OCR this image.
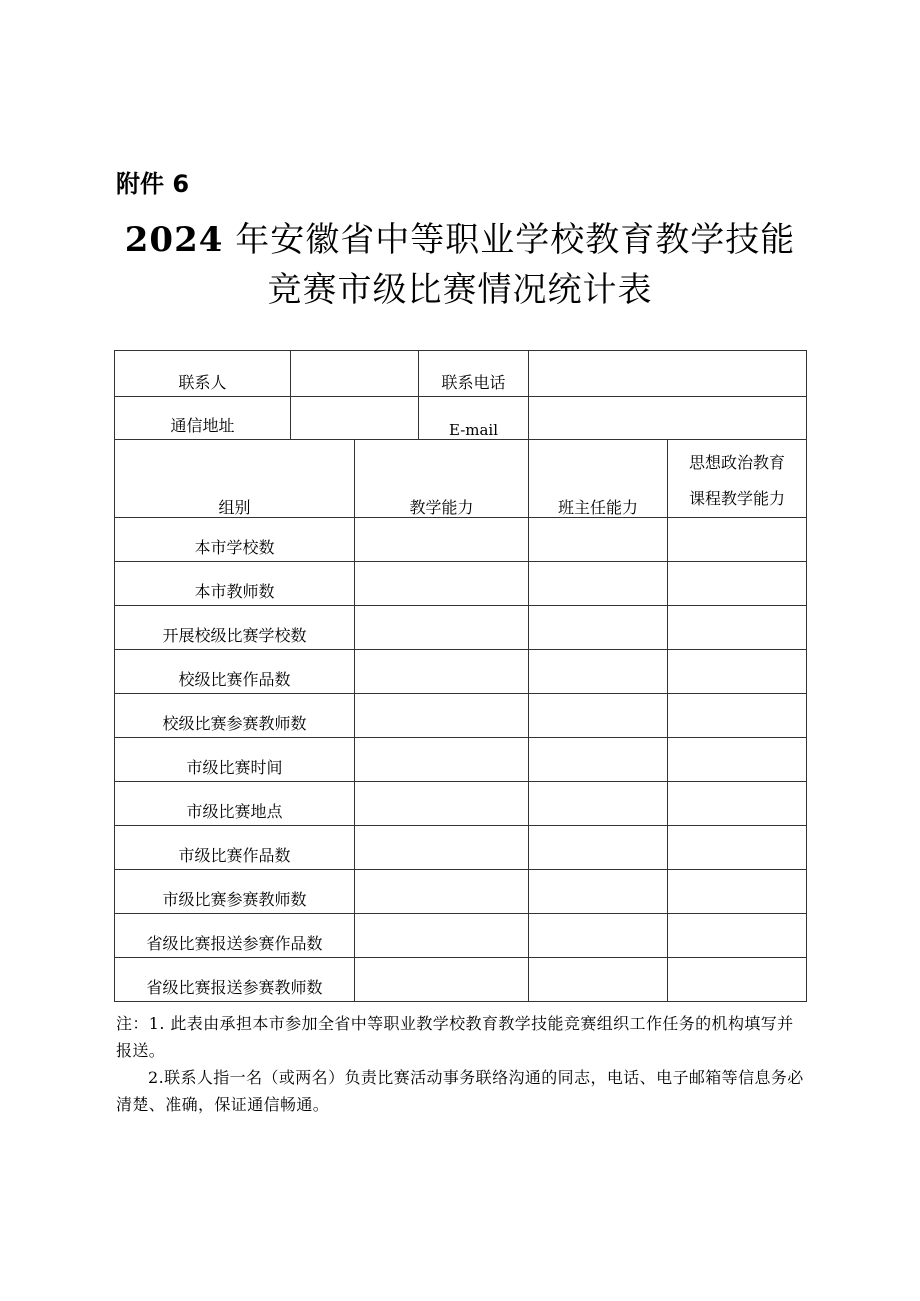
附件 6
2024 年安徽省中等职业学校教育教学技能
竞赛市级比赛情况统计表
联系人			联系电话		

通信地址			E-mail		

组别		教学能力		班主任能力	思想政治教育
课程教学能力

本市学校数					

本市教师数					

开展校级比赛学校数					

校级比赛作品数					

校级比赛参赛教师数					

市级比赛时间					

市级比赛地点					

市级比赛作品数					

市级比赛参赛教师数					

省级比赛报送参赛作品数					

省级比赛报送参赛教师数					

注：1. 此表由承担本市参加全省中等职业教学校教育教学技能竞赛组织工作任务的机构填写并报送。

2.联系人指一名（或两名）负责比赛活动事务联络沟通的同志，电话、电子邮箱等信息务必清楚、准确，保证通信畅通。
